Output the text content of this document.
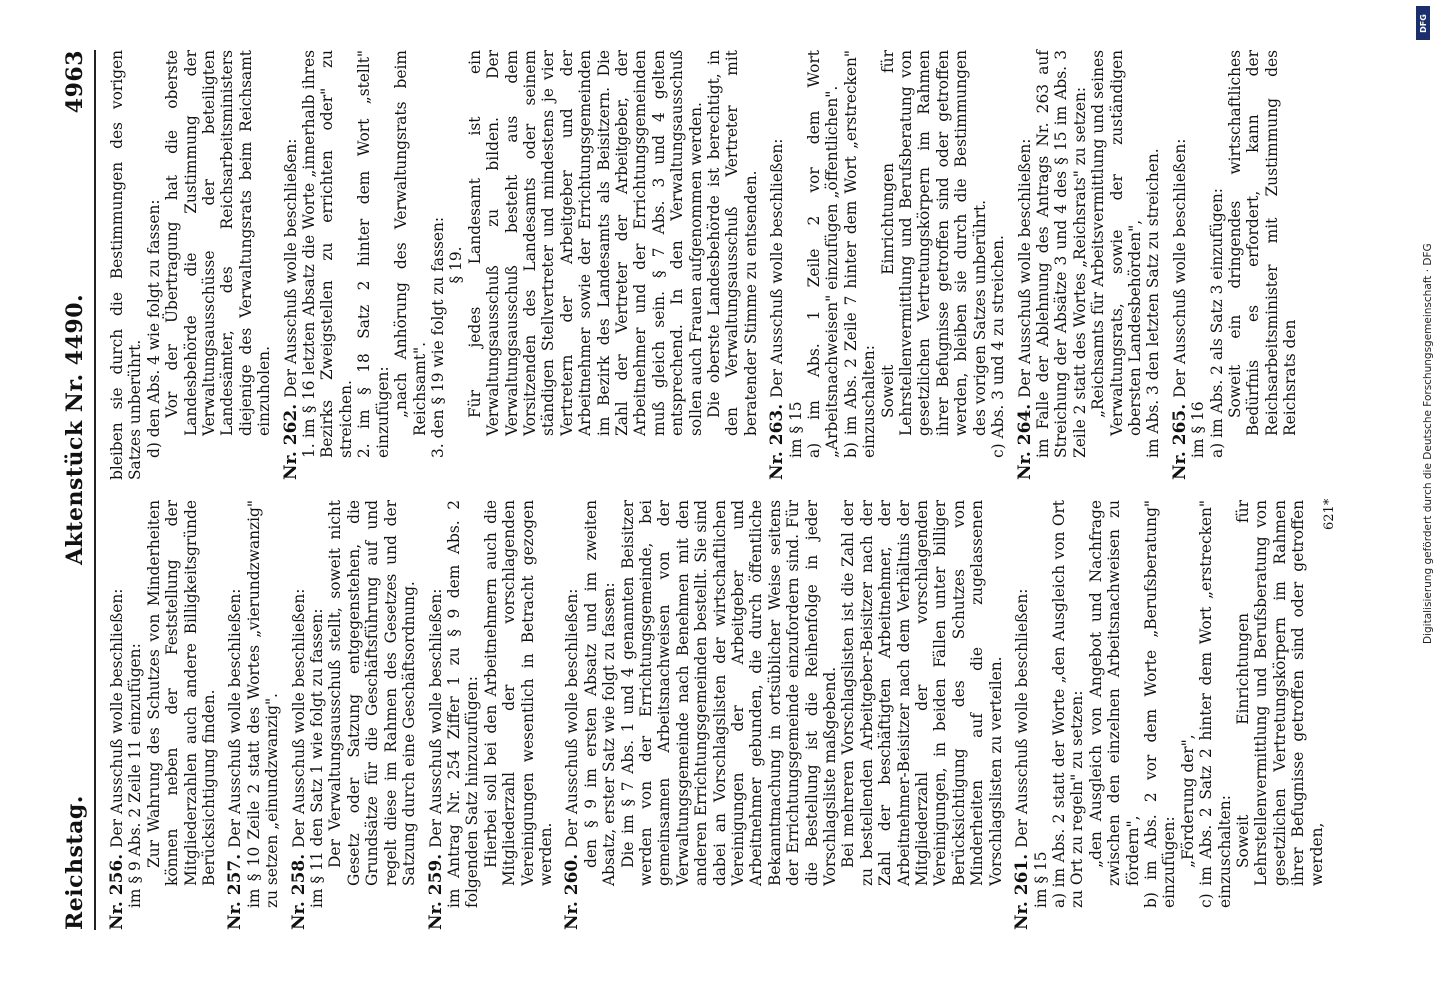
Reichstag.
Aktenstück Nr. 4490.
4963

Nr. 256.Der Ausschuß wolle beschließen: im § 9 Abs. 2 Zeile 11 einzufügen: Zur Wahrung des Schutzes von Minderheiten können neben der Feststellung der Mitgliederzahlen auch andere Billigkeitsgründe Berücksichtigung finden.

Nr. 257.Der Ausschuß wolle beschließen: im § 10 Zeile 2 statt des Wortes „vierundzwanzig" zu setzen „einundzwanzig". Nr. 258.Der Ausschuß wolle beschließen: im § 11 den Satz 1 wie folgt zu fassen: Der Verwaltungsausschuß stellt, soweit nicht Gesetz oder Satzung entgegenstehen, die Grundsätze für die Geschäftsführung auf und regelt diese im Rahmen des Gesetzes und der Satzung durch eine Geschäftsordnung.

Nr. 259.Der Ausschuß wolle beschließen: im Antrag Nr. 254 Ziffer 1 zu § 9 dem Abs. 2 folgenden Satz hinzuzufügen: Hierbei soll bei den Arbeitnehmern auch die Mitgliederzahl der vorschlagenden Vereinigungen wesentlich in Betracht gezogen werden. Nr. 260.Der Ausschuß wolle beschließen: den § 9 im ersten Absatz und im zweiten Absatz, erster Satz wie folgt zu fassen: Die im § 7 Abs. 1 und 4 genannten Beisitzer werden von der Errichtungsgemeinde, bei gemeinsamen Arbeitsnachweisen von der Verwaltungsgemeinde nach Benehmen mit den anderen Errichtungsgemeinden bestellt. Sie sind dabei an Vorschlagslisten der wirtschaftlichen Vereinigungen der Arbeitgeber und Arbeitnehmer gebunden, die durch öffentliche Bekanntmachung in ortsüblicher Weise seitens der Errichtungsgemeinde einzufordern sind. Für die Bestellung ist die Reihenfolge in jeder Vorschlagsliste maßgebend. Bei mehreren Vorschlagslisten ist die Zahl der zu bestellenden Arbeitgeber-Beisitzer nach der Zahl der beschäftigten Arbeitnehmer, der Arbeitnehmer-Beisitzer nach dem Verhältnis der Mitgliederzahl der vorschlagenden Vereinigungen, in beiden Fällen unter billiger Berücksichtigung des Schutzes von Minderheiten auf die zugelassenen Vorschlagslisten zu verteilen.

Nr. 261.Der Ausschuß wolle beschließen:

im § 15 a) im Abs. 2 statt der Worte „den Ausgleich von Ort zu Ort zu regeln" zu setzen: „den Ausgleich von Angebot und Nachfrage zwischen den einzelnen Arbeitsnachweisen zu fördern", b) im Abs. 2 vor dem Worte „Berufsberatung" einzufügen: „Förderung der", c) im Abs. 2 Satz 2 hinter dem Wort „erstrecken" einzuschalten: Soweit Einrichtungen für Lehrstellenvermittlung und Berufsberatung von gesetzlichen Vertretungskörpern im Rahmen ihrer Befugnisse getroffen sind oder getroffen werden,

bleiben sie durch die Bestimmungen des vorigen Satzes unberührt. d) den Abs. 4 wie folgt zu fassen: Vor der Übertragung hat die oberste Landesbehörde die Zustimmung der Verwaltungsausschüsse der beteiligten Landesämter, des Reichsarbeitsministers diejenige des Verwaltungsrats beim Reichsamt einzuholen.

Nr. 262.Der Ausschuß wolle beschließen: 1. im § 16 letzten Absatz die Worte „innerhalb ihres Bezirks Zweigstellen zu errichten oder" zu streichen. 2. im § 18 Satz 2 hinter dem Wort „stellt" einzufügen: „nach Anhörung des Verwaltungsrats beim Reichsamt". 3. den § 19 wie folgt zu fassen: § 19. Für jedes Landesamt ist ein Verwaltungsausschuß zu bilden. Der Verwaltungsausschuß besteht aus dem Vorsitzenden des Landesamts oder seinem ständigen Stellvertreter und mindestens je vier Vertretern der Arbeitgeber und der Arbeitnehmer sowie der Errichtungsgemeinden im Bezirk des Landesamts als Beisitzern. Die Zahl der Vertreter der Arbeitgeber, der Arbeitnehmer und der Errichtungsgemeinden muß gleich sein. § 7 Abs. 3 und 4 gelten entsprechend. In den Verwaltungsausschuß sollen auch Frauen aufgenommen werden. Die oberste Landesbehörde ist berechtigt, in den Verwaltungsausschuß Vertreter mit beratender Stimme zu entsenden.

Nr. 263.Der Ausschuß wolle beschließen:

im § 15 a) im Abs. 1 Zeile 2 vor dem Wort „Arbeitsnachweisen" einzufügen „öffentlichen". b) im Abs. 2 Zeile 7 hinter dem Wort „erstrecken" einzuschalten: Soweit Einrichtungen für Lehrstellenvermittlung und Berufsberatung von gesetzlichen Vertretungskörpern im Rahmen ihrer Befugnisse getroffen sind oder getroffen werden, bleiben sie durch die Bestimmungen des vorigen Satzes unberührt. c) Abs. 3 und 4 zu streichen. Nr. 264.Der Ausschuß wolle beschließen: im Falle der Ablehnung des Antrags Nr. 263 auf Streichung der Absätze 3 und 4 des § 15 im Abs. 3 Zeile 2 statt des Wortes „Reichsrats" zu setzen: „Reichsamts für Arbeitsvermittlung und seines Verwaltungsrats, sowie der zuständigen obersten Landesbehörden", im Abs. 3 den letzten Satz zu streichen. Nr. 265.Der Ausschuß wolle beschließen:

im § 16 a) im Abs. 2 als Satz 3 einzufügen: Soweit ein dringendes wirtschaftliches Bedürfnis es erfordert, kann der Reichsarbeitsminister mit Zustimmung des Reichsrats den

621*
DFG
Digitalisierung gefördert durch die Deutsche Forschungsgemeinschaft · DFG
